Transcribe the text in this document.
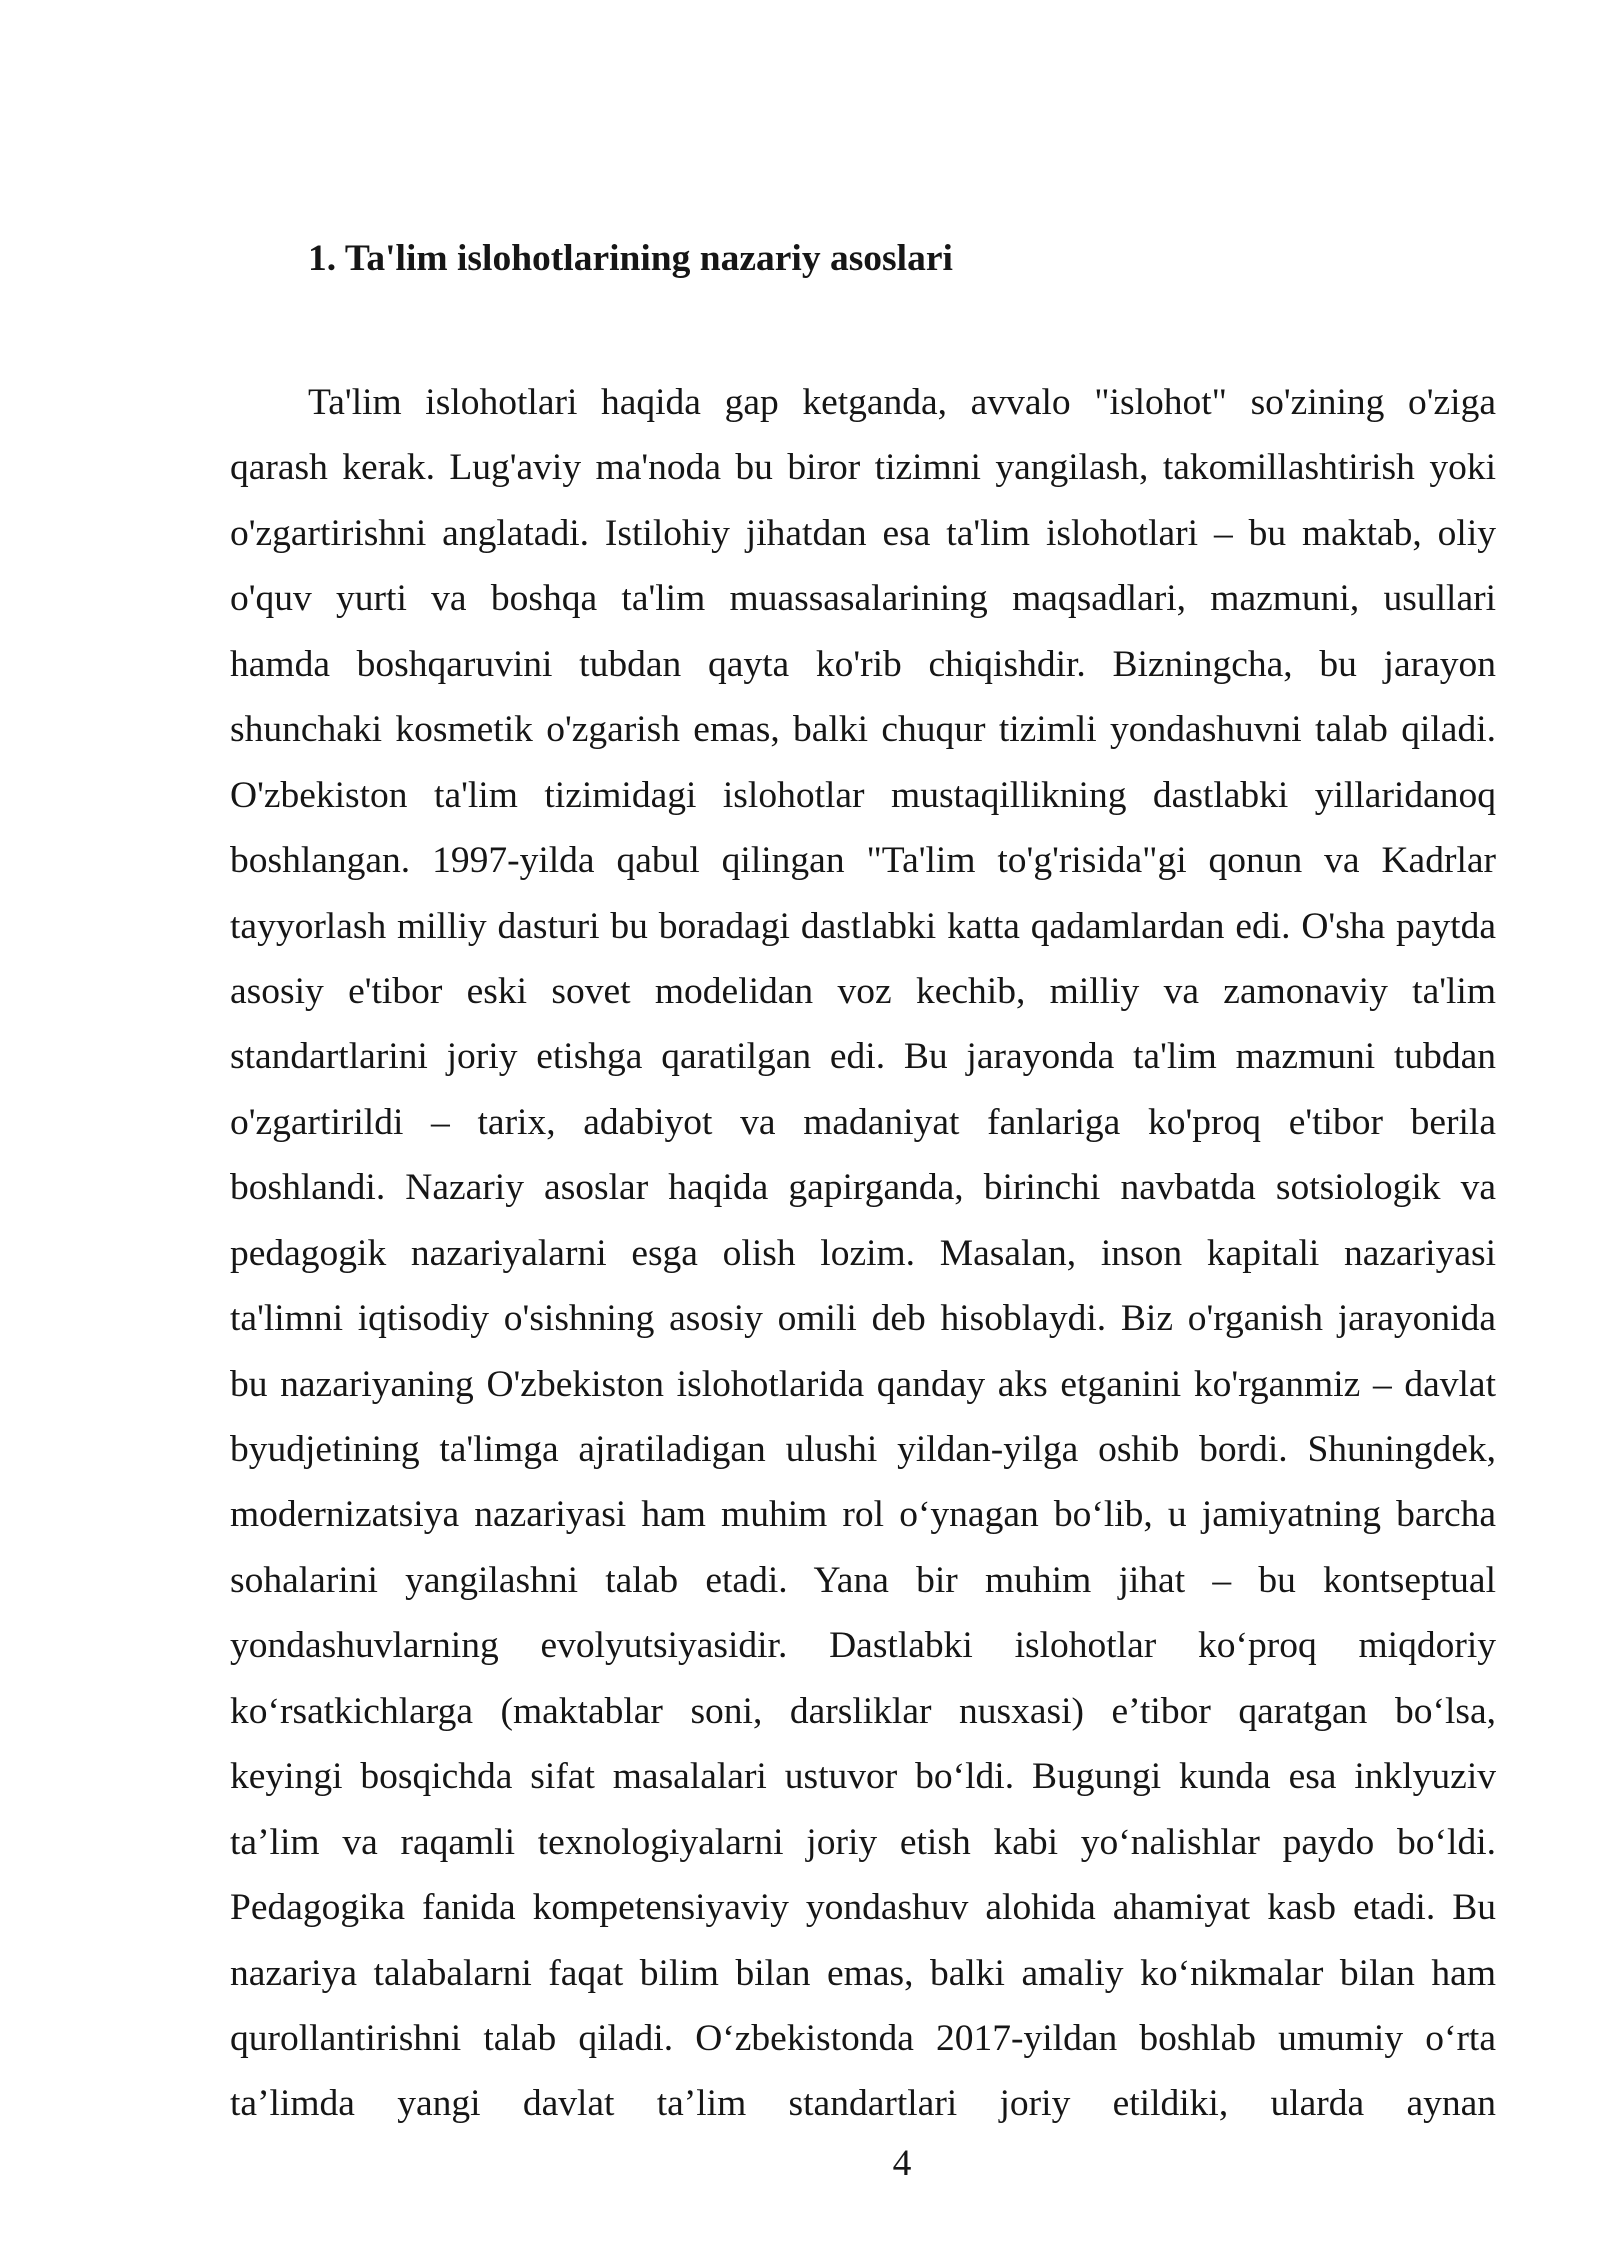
1. Ta'lim islohotlarining nazariy asoslari
Ta'lim islohotlari haqida gap ketganda, avvalo "islohot" so'zining o'ziga
qarash kerak. Lug'aviy ma'noda bu biror tizimni yangilash, takomillashtirish yoki
o'zgartirishni anglatadi. Istilohiy jihatdan esa ta'lim islohotlari – bu maktab, oliy
o'quv yurti va boshqa ta'lim muassasalarining maqsadlari, mazmuni, usullari
hamda boshqaruvini tubdan qayta ko'rib chiqishdir. Bizningcha, bu jarayon
shunchaki kosmetik o'zgarish emas, balki chuqur tizimli yondashuvni talab qiladi.
O'zbekiston ta'lim tizimidagi islohotlar mustaqillikning dastlabki yillaridanoq
boshlangan. 1997-yilda qabul qilingan "Ta'lim to'g'risida"gi qonun va Kadrlar
tayyorlash milliy dasturi bu boradagi dastlabki katta qadamlardan edi. O'sha paytda
asosiy e'tibor eski sovet modelidan voz kechib, milliy va zamonaviy ta'lim
standartlarini joriy etishga qaratilgan edi. Bu jarayonda ta'lim mazmuni tubdan
o'zgartirildi – tarix, adabiyot va madaniyat fanlariga ko'proq e'tibor berila
boshlandi. Nazariy asoslar haqida gapirganda, birinchi navbatda sotsiologik va
pedagogik nazariyalarni esga olish lozim. Masalan, inson kapitali nazariyasi
ta'limni iqtisodiy o'sishning asosiy omili deb hisoblaydi. Biz o'rganish jarayonida
bu nazariyaning O'zbekiston islohotlarida qanday aks etganini ko'rganmiz – davlat
byudjetining ta'limga ajratiladigan ulushi yildan-yilga oshib bordi. Shuningdek,
modernizatsiya nazariyasi ham muhim rol o‘ynagan bo‘lib, u jamiyatning barcha
sohalarini yangilashni talab etadi. Yana bir muhim jihat – bu kontseptual
yondashuvlarning evolyutsiyasidir. Dastlabki islohotlar ko‘proq miqdoriy
ko‘rsatkichlarga (maktablar soni, darsliklar nusxasi) e’tibor qaratgan bo‘lsa,
keyingi bosqichda sifat masalalari ustuvor bo‘ldi. Bugungi kunda esa inklyuziv
ta’lim va raqamli texnologiyalarni joriy etish kabi yo‘nalishlar paydo bo‘ldi.
Pedagogika fanida kompetensiyaviy yondashuv alohida ahamiyat kasb etadi. Bu
nazariya talabalarni faqat bilim bilan emas, balki amaliy ko‘nikmalar bilan ham
qurollantirishni talab qiladi. O‘zbekistonda 2017-yildan boshlab umumiy o‘rta
ta’limda yangi davlat ta’lim standartlari joriy etildiki, ularda aynan
4
